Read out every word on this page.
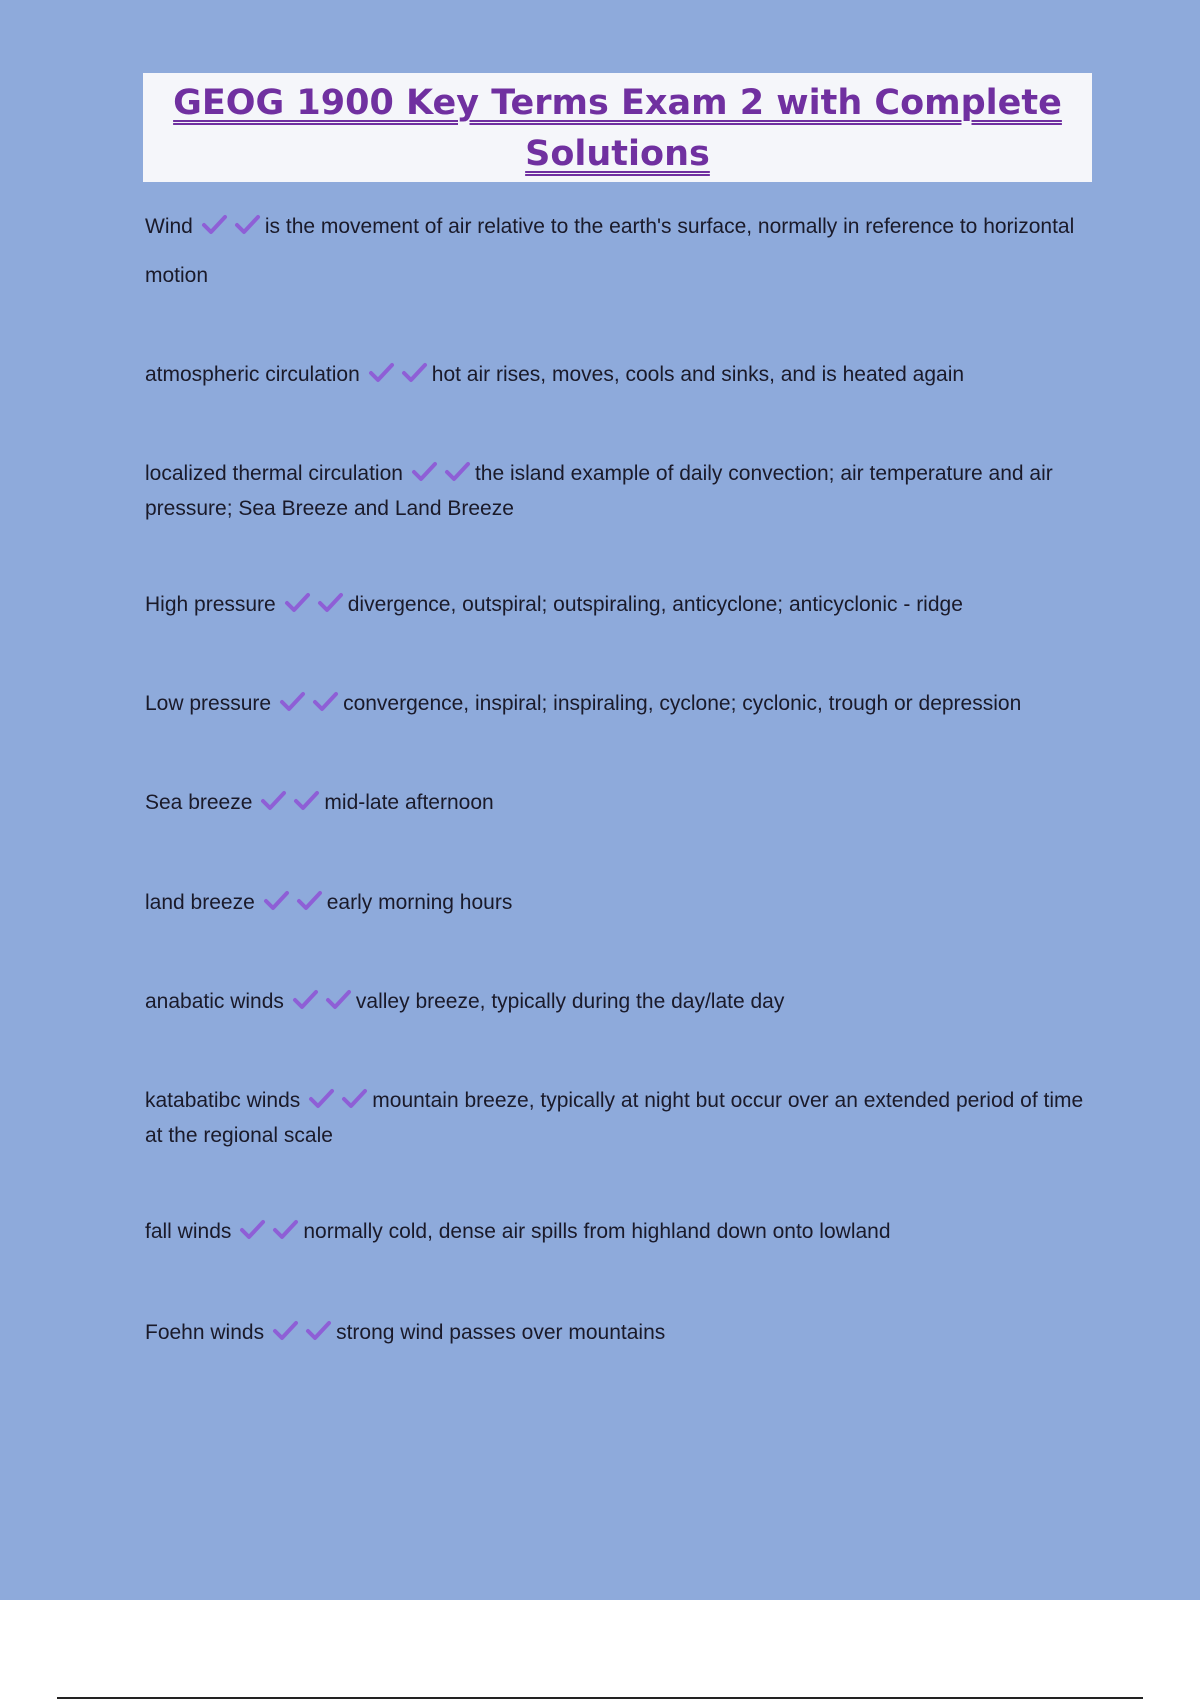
GEOG 1900 Key Terms Exam 2 with Complete
Solutions
Wind	is the movement of air relative to the earth's surface, normally in reference to horizontal motion
atmospheric circulation	hot air rises, moves, cools and sinks, and is heated again
localized thermal circulation	the island example of daily convection; air temperature and air pressure; Sea Breeze and Land Breeze
High pressure	divergence, outspiral; outspiraling, anticyclone; anticyclonic - ridge
Low pressure	convergence, inspiral; inspiraling, cyclone; cyclonic, trough or depression
Sea breeze	mid-late afternoon
land breeze	early morning hours
anabatic winds	valley breeze, typically during the day/late day
katabatibc winds	mountain breeze, typically at night but occur over an extended period of time at the regional scale
fall winds	normally cold, dense air spills from highland down onto lowland
Foehn winds	strong wind passes over mountains
